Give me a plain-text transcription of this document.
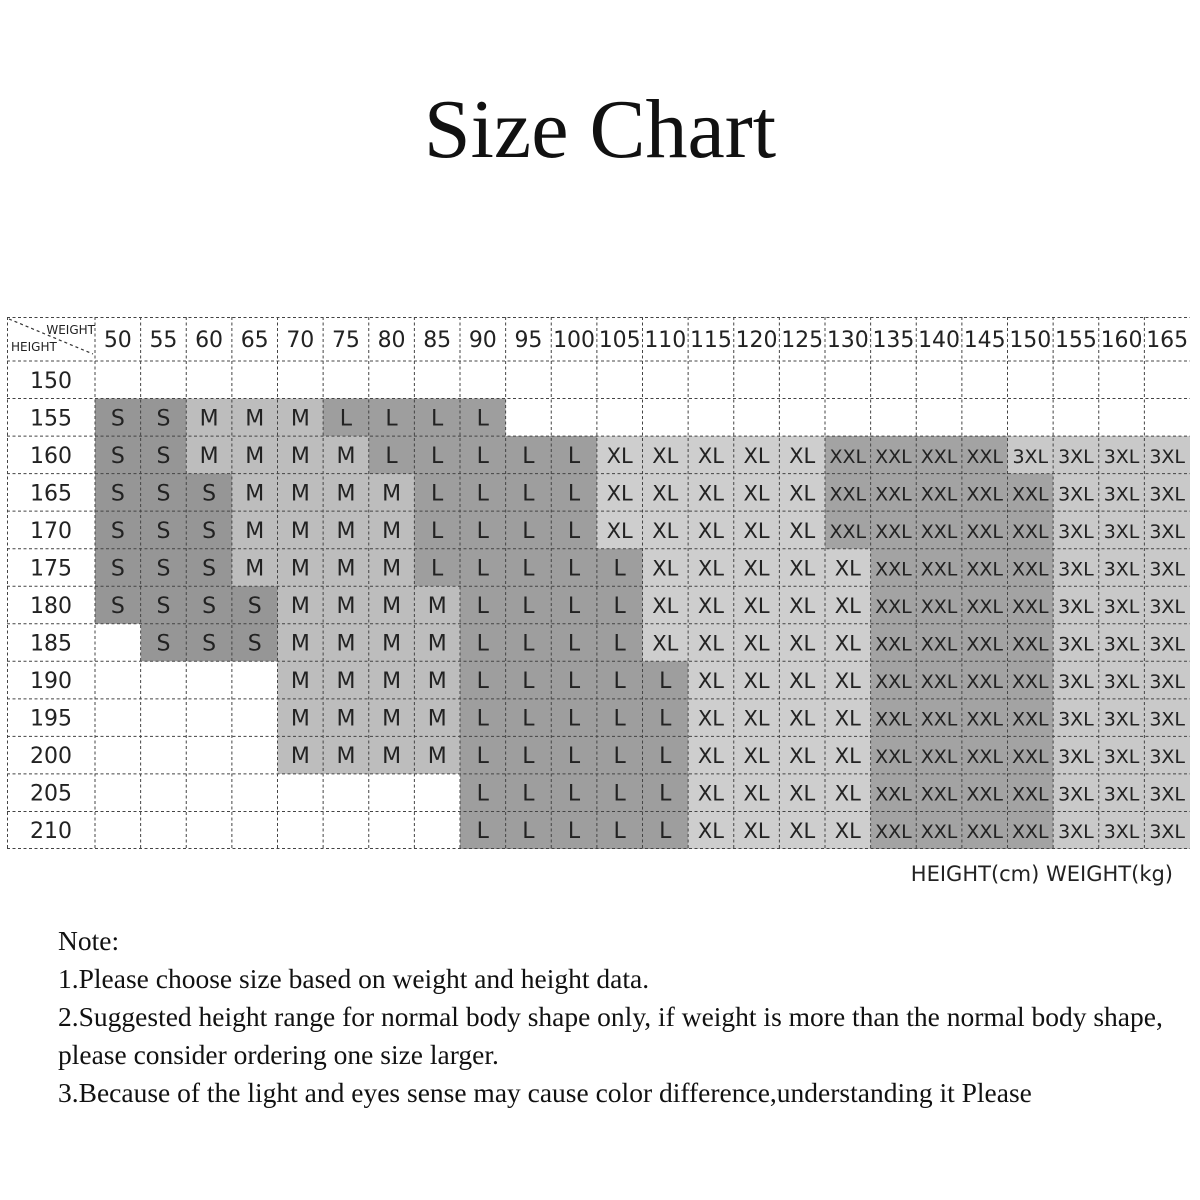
Size Chart
WEIGHT
HEIGHT 50 55 60 65 70 75 80 85 90 95 100 105 110 115 120 125 130 135 140 145 150 155 160 165
150
155
160
165
170
175
180
185
190
195
200
205
210
S S M M M L L L L
S S M M M M L L L L L XL XL XL XL XL XXL XXL XXL XXL 3XL 3XL 3XL 3XL
S S S M M M M L L L L XL XL XL XL XL XXL XXL XXL XXL XXL 3XL 3XL 3XL
S S S M M M M L L L L XL XL XL XL XL XXL XXL XXL XXL XXL 3XL 3XL 3XL
S S S M M M M L L L L L XL XL XL XL XL XXL XXL XXL XXL 3XL 3XL 3XL
S S S S M M M M L L L L XL XL XL XL XL XXL XXL XXL XXL 3XL 3XL 3XL
S S S M M M M L L L L XL XL XL XL XL XXL XXL XXL XXL 3XL 3XL 3XL
M M M M L L L L L XL XL XL XL XXL XXL XXL XXL 3XL 3XL 3XL
M M M M L L L L L XL XL XL XL XXL XXL XXL XXL 3XL 3XL 3XL
M M M M L L L L L XL XL XL XL XXL XXL XXL XXL 3XL 3XL 3XL
L L L L L XL XL XL XL XXL XXL XXL XXL 3XL 3XL 3XL
L L L L L XL XL XL XL XXL XXL XXL XXL 3XL 3XL 3XL
HEIGHT(cm) WEIGHT(kg)

Note:

1.Please choose size based on weight and height data.

2.Suggested height range for normal body shape only, if weight is more than the normal body shape, please consider ordering one size larger.

3.Because of the light and eyes sense may cause color difference,understanding it Please
